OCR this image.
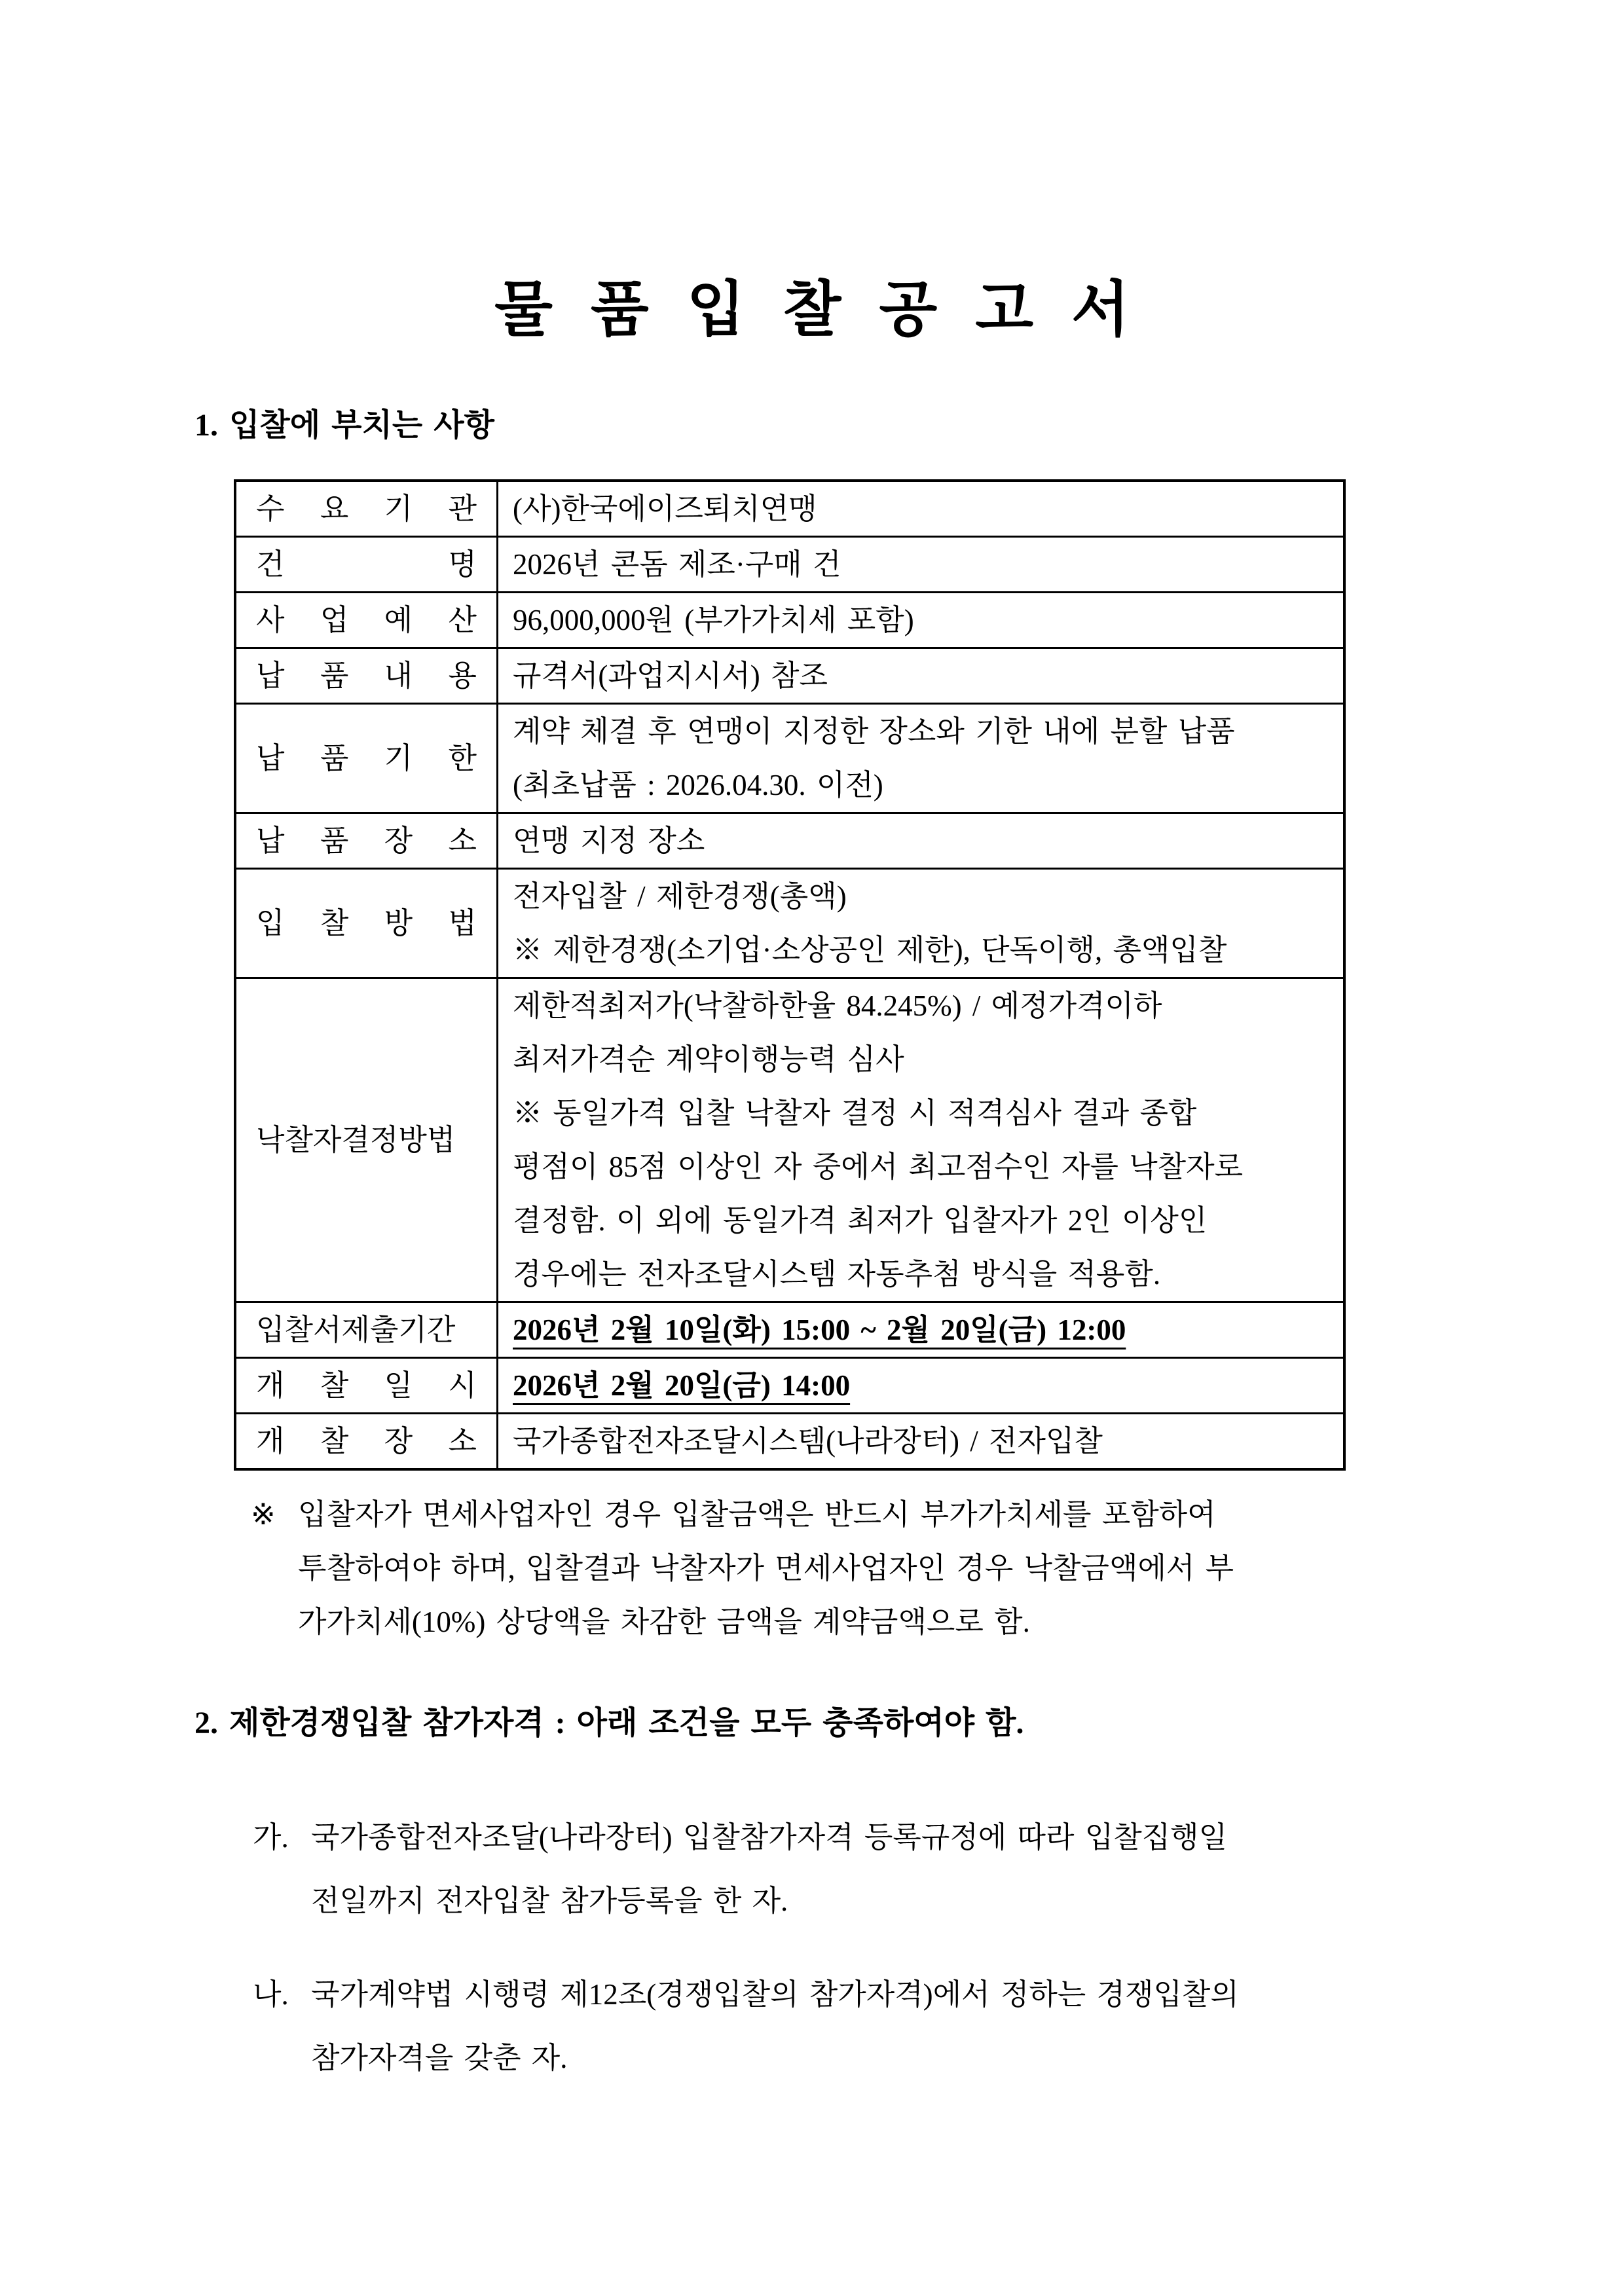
물 품 입 찰 공 고 서
1. 입찰에 부치는 사항
수 요 기 관 (사)한국에이즈퇴치연맹
건 명 2026년 콘돔 제조·구매 건
사 업 예 산 96,000,000원 (부가가치세 포함)
납 품 내 용 규격서(과업지시서) 참조
납 품 기 한
계약 체결 후 연맹이 지정한 장소와 기한 내에 분할 납품
(최초납품 : 2026.04.30. 이전)
납 품 장 소 연맹 지정 장소
입 찰 방 법
전자입찰 / 제한경쟁(총액)
※ 제한경쟁(소기업·소상공인 제한), 단독이행, 총액입찰
낙찰자결정방법
제한적최저가(낙찰하한율 84.245%) / 예정가격이하
최저가격순 계약이행능력 심사
※ 동일가격 입찰 낙찰자 결정 시 적격심사 결과 종합
평점이 85점 이상인 자 중에서 최고점수인 자를 낙찰자로
결정함. 이 외에 동일가격 최저가 입찰자가 2인 이상인
경우에는 전자조달시스템 자동추첨 방식을 적용함.
입찰서제출기간	2026년 2월 10일(화) 15:00 ~ 2월 20일(금) 12:00
개 찰 일 시 2026년 2월 20일(금) 14:00
개 찰 장 소 국가종합전자조달시스템(나라장터) / 전자입찰
※ 입찰자가 면세사업자인 경우 입찰금액은 반드시 부가가치세를 포함하여
투찰하여야 하며, 입찰결과 낙찰자가 면세사업자인 경우 낙찰금액에서 부
가가치세(10%) 상당액을 차감한 금액을 계약금액으로 함.
2. 제한경쟁입찰 참가자격 : 아래 조건을 모두 충족하여야 함.
가. 국가종합전자조달(나라장터) 입찰참가자격 등록규정에 따라 입찰집행일
전일까지 전자입찰 참가등록을 한 자.
나. 국가계약법 시행령 제12조(경쟁입찰의 참가자격)에서 정하는 경쟁입찰의
참가자격을 갖춘 자.
